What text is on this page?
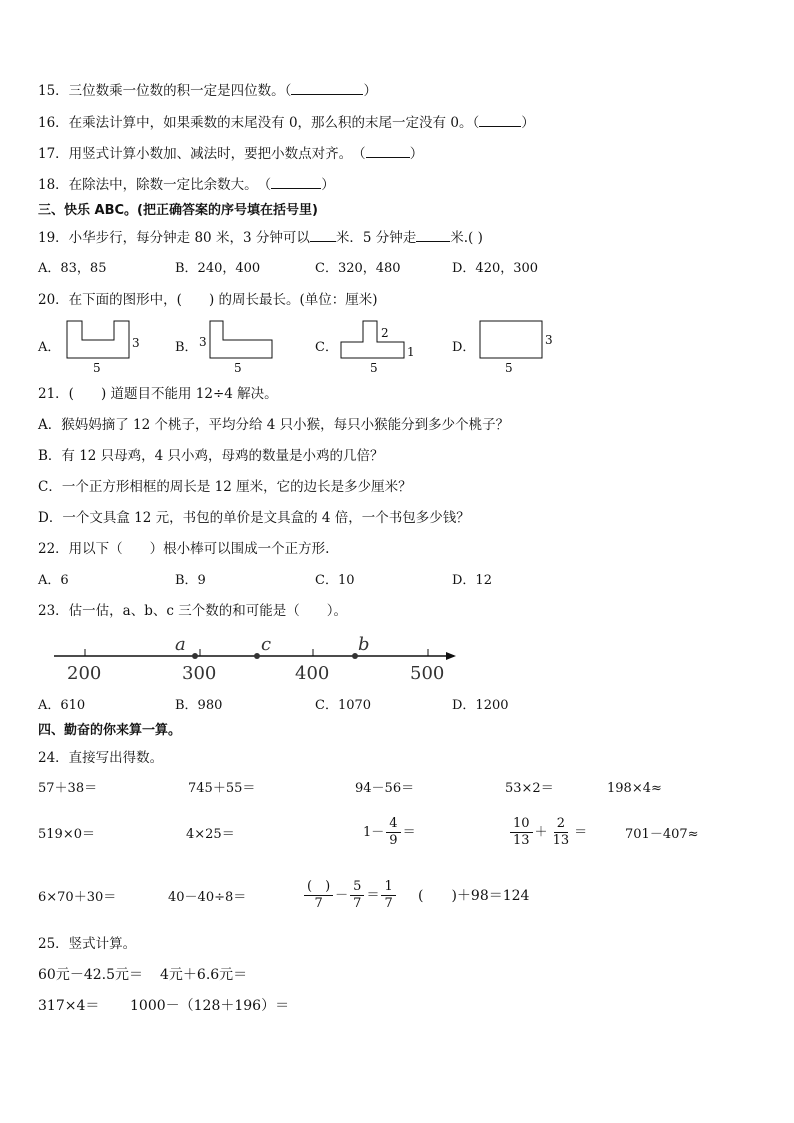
15．三位数乘一位数的积一定是四位数。（	）
16．在乘法计算中，如果乘数的末尾没有 0，那么积的末尾一定没有 0。（	）
17．用竖式计算小数加、减法时，要把小数点对齐。　（	）
18．在除法中，除数一定比余数大。　（	）
三、快乐 ABC。(把正确答案的序号填在括号里)
19．小华步行，每分钟走 80 米，3 分钟可以 米．5 分钟走	米.( )
A．83，85	B．240，400	C．320，480	D．420，300
20．在下面的图形中，(　　) 的周长最长。(单位：厘米)
A．	3
5
B． 3
5
C．
2
1
5
D．	3
5
21．(　　) 道题目不能用 12÷4 解决。
A．猴妈妈摘了 12 个桃子，平均分给 4 只小猴，每只小猴能分到多少个桃子？
B．有 12 只母鸡，4 只小鸡，母鸡的数量是小鸡的几倍？
C．一个正方形相框的周长是 12 厘米，它的边长是多少厘米？
D．一个文具盒 12 元，书包的单价是文具盒的 4 倍，一个书包多少钱？
22．用以下（　　）根小棒可以围成一个正方形.
A．6	B．9	C．10	D．12
23．估一估，a、b、c 三个数的和可能是（　　）。
200	300	400	500
a	c	b
A．610	B．980	C．1070	D．1200
四、勤奋的你来算一算。
24．直接写出得数。
57＋38＝	745＋55＝	94－56＝	53×2＝	198×4≈
519×0＝	4×25＝	$1- \frac{4}{9}$ ＝	$\frac{10}{13} + \frac{2}{13}$ ＝	701－407≈
6×70＋30＝	40－40÷8＝	$\frac{( )}{7} - \frac{5}{7} = \frac{1}{7}$ (　　)＋98＝124
25．竖式计算。
60元－42.5元＝ 4元＋6.6元＝
317×4＝ 1000－（128＋196）＝
